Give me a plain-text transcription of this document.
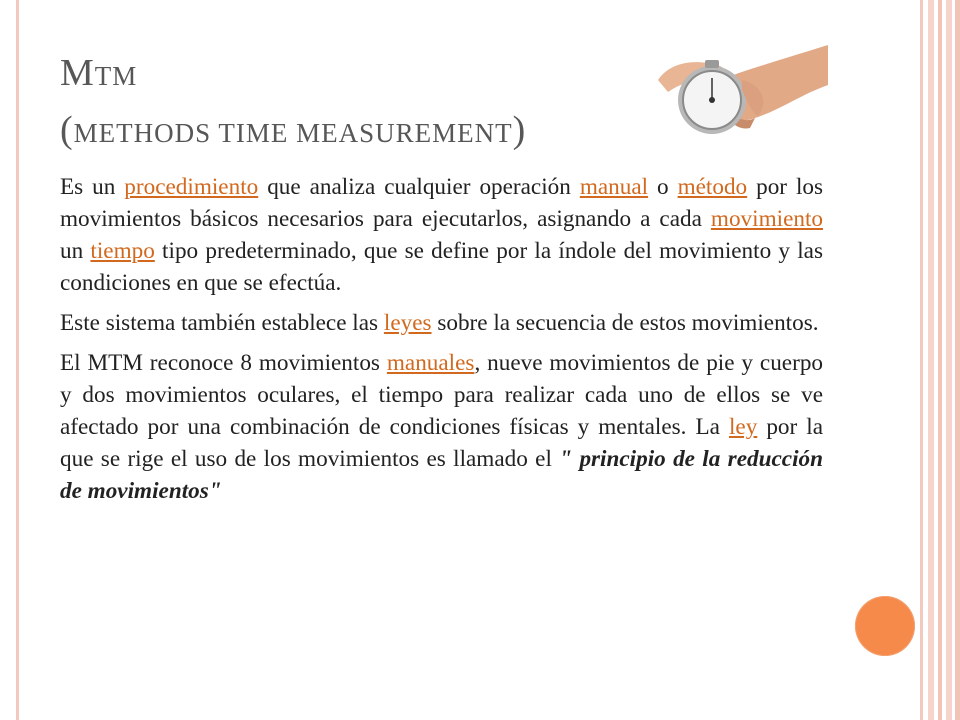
MTM
(METHODS TIME MEASUREMENT)

Es un procedimiento que analiza cualquier operación manual o método por los movimientos básicos necesarios para ejecutarlos, asignando a cada movimiento un tiempo tipo predeterminado, que se define por la índole del movimiento y las condiciones en que se efectúa.

Este sistema también establece las leyes sobre la secuencia de estos movimientos.

El MTM reconoce 8 movimientos manuales, nueve movimientos de pie y cuerpo y dos movimientos oculares, el tiempo para realizar cada uno de ellos se ve afectado por una combinación de condiciones físicas y mentales. La ley por la que se rige el uso de los movimientos es llamado el " principio de la reducción de movimientos"
